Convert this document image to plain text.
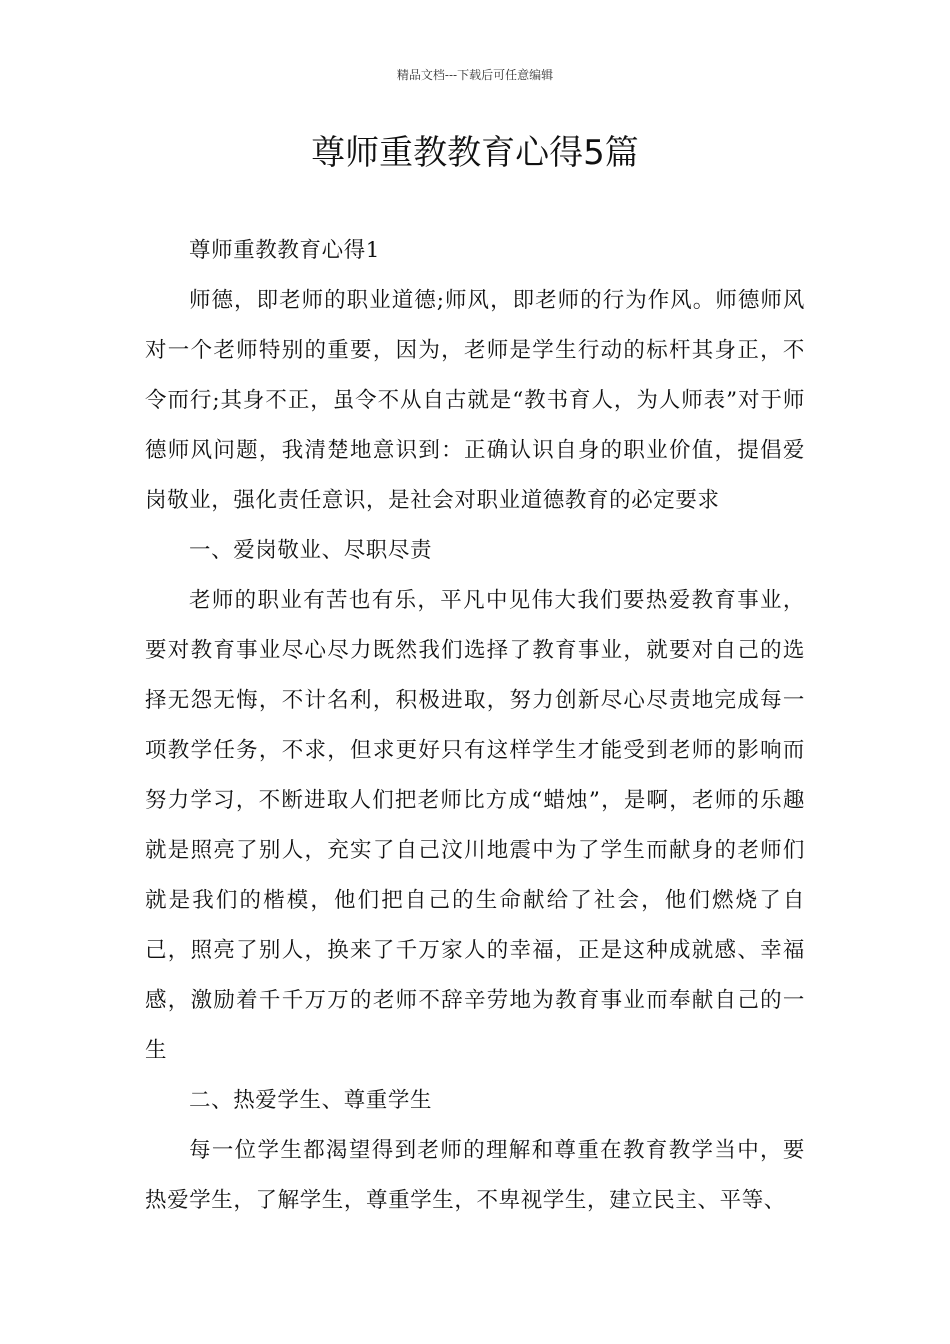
精品文档---下载后可任意编辑
尊师重教教育心得5篇

尊师重教教育心得1

师德，即老师的职业道德;师风，即老师的行为作风。师德师风对一个老师特别的重要，因为，老师是学生行动的标杆其身正，不令而行;其身不正，虽令不从自古就是“教书育人，为人师表”对于师德师风问题，我清楚地意识到：正确认识自身的职业价值，提倡爱岗敬业，强化责任意识，是社会对职业道德教育的必定要求

一、爱岗敬业、尽职尽责

老师的职业有苦也有乐，平凡中见伟大我们要热爱教育事业，要对教育事业尽心尽力既然我们选择了教育事业，就要对自己的选择无怨无悔，不计名利，积极进取，努力创新尽心尽责地完成每一项教学任务，不求，但求更好只有这样学生才能受到老师的影响而努力学习，不断进取人们把老师比方成“蜡烛”，是啊，老师的乐趣就是照亮了别人，充实了自己汶川地震中为了学生而献身的老师们就是我们的楷模，他们把自己的生命献给了社会，他们燃烧了自己，照亮了别人，换来了千万家人的幸福，正是这种成就感、幸福感，激励着千千万万的老师不辞辛劳地为教育事业而奉献自己的一生

二、热爱学生、尊重学生

每一位学生都渴望得到老师的理解和尊重在教育教学当中，要热爱学生，了解学生，尊重学生，不卑视学生，建立民主、平等、
